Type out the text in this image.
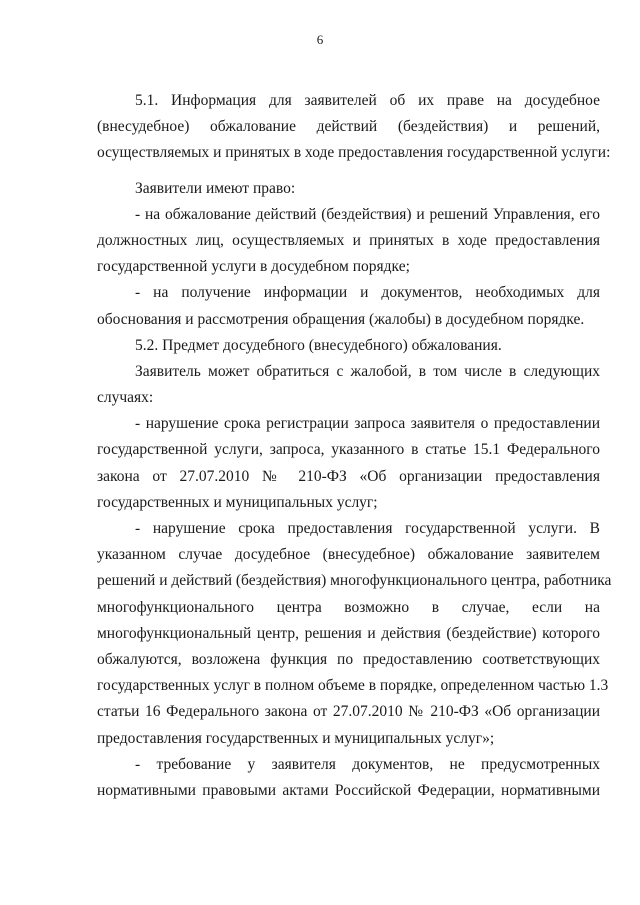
6
5.1. Информация для заявителей об их праве на досудебное
(внесудебное) обжалование действий (бездействия) и решений,
осуществляемых и принятых в ходе предоставления государственной услуги:
Заявители имеют право:
- на обжалование действий (бездействия) и решений Управления, его
должностных лиц, осуществляемых и принятых в ходе предоставления
государственной услуги в досудебном порядке;
- на получение информации и документов, необходимых для
обоснования и рассмотрения обращения (жалобы) в досудебном порядке.
5.2. Предмет досудебного (внесудебного) обжалования.
Заявитель может обратиться с жалобой, в том числе в следующих
случаях:
- нарушение срока регистрации запроса заявителя о предоставлении
государственной услуги, запроса, указанного в статье 15.1 Федерального
закона от 27.07.2010 № 210-ФЗ «Об организации предоставления
государственных и муниципальных услуг;
- нарушение срока предоставления государственной услуги. В
указанном случае досудебное (внесудебное) обжалование заявителем
решений и действий (бездействия) многофункционального центра, работника
многофункционального центра возможно в случае, если на
многофункциональный центр, решения и действия (бездействие) которого
обжалуются, возложена функция по предоставлению соответствующих
государственных услуг в полном объеме в порядке, определенном частью 1.3
статьи 16 Федерального закона от 27.07.2010 № 210-ФЗ «Об организации
предоставления государственных и муниципальных услуг»;
- требование у заявителя документов, не предусмотренных
нормативными правовыми актами Российской Федерации, нормативными
